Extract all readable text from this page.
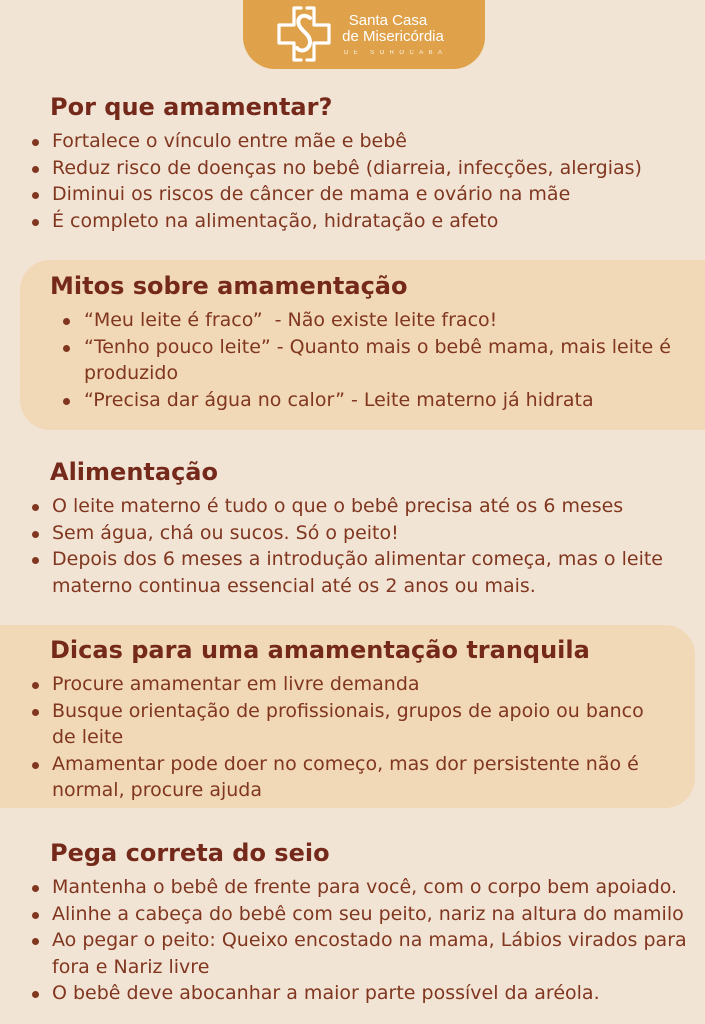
Santa Casa
de Misericórdia
DE SOROCABA
Por que amamentar?
Fortalece o vínculo entre mãe e bebê
Reduz risco de doenças no bebê (diarreia, infecções, alergias)
Diminui os riscos de câncer de mama e ovário na mãe
É completo na alimentação, hidratação e afeto
Mitos sobre amamentação
“Meu leite é fraco”  - Não existe leite fraco!
“Tenho pouco leite” - Quanto mais o bebê mama, mais leite é
produzido
“Precisa dar água no calor” - Leite materno já hidrata
Alimentação
O leite materno é tudo o que o bebê precisa até os 6 meses
Sem água, chá ou sucos. Só o peito!
Depois dos 6 meses a introdução alimentar começa, mas o leite
materno continua essencial até os 2 anos ou mais.
Dicas para uma amamentação tranquila
Procure amamentar em livre demanda
Busque orientação de profissionais, grupos de apoio ou banco
de leite
Amamentar pode doer no começo, mas dor persistente não é
normal, procure ajuda
Pega correta do seio
Mantenha o bebê de frente para você, com o corpo bem apoiado.
Alinhe a cabeça do bebê com seu peito, nariz na altura do mamilo
Ao pegar o peito: Queixo encostado na mama, Lábios virados para
fora e Nariz livre
O bebê deve abocanhar a maior parte possível da aréola.
